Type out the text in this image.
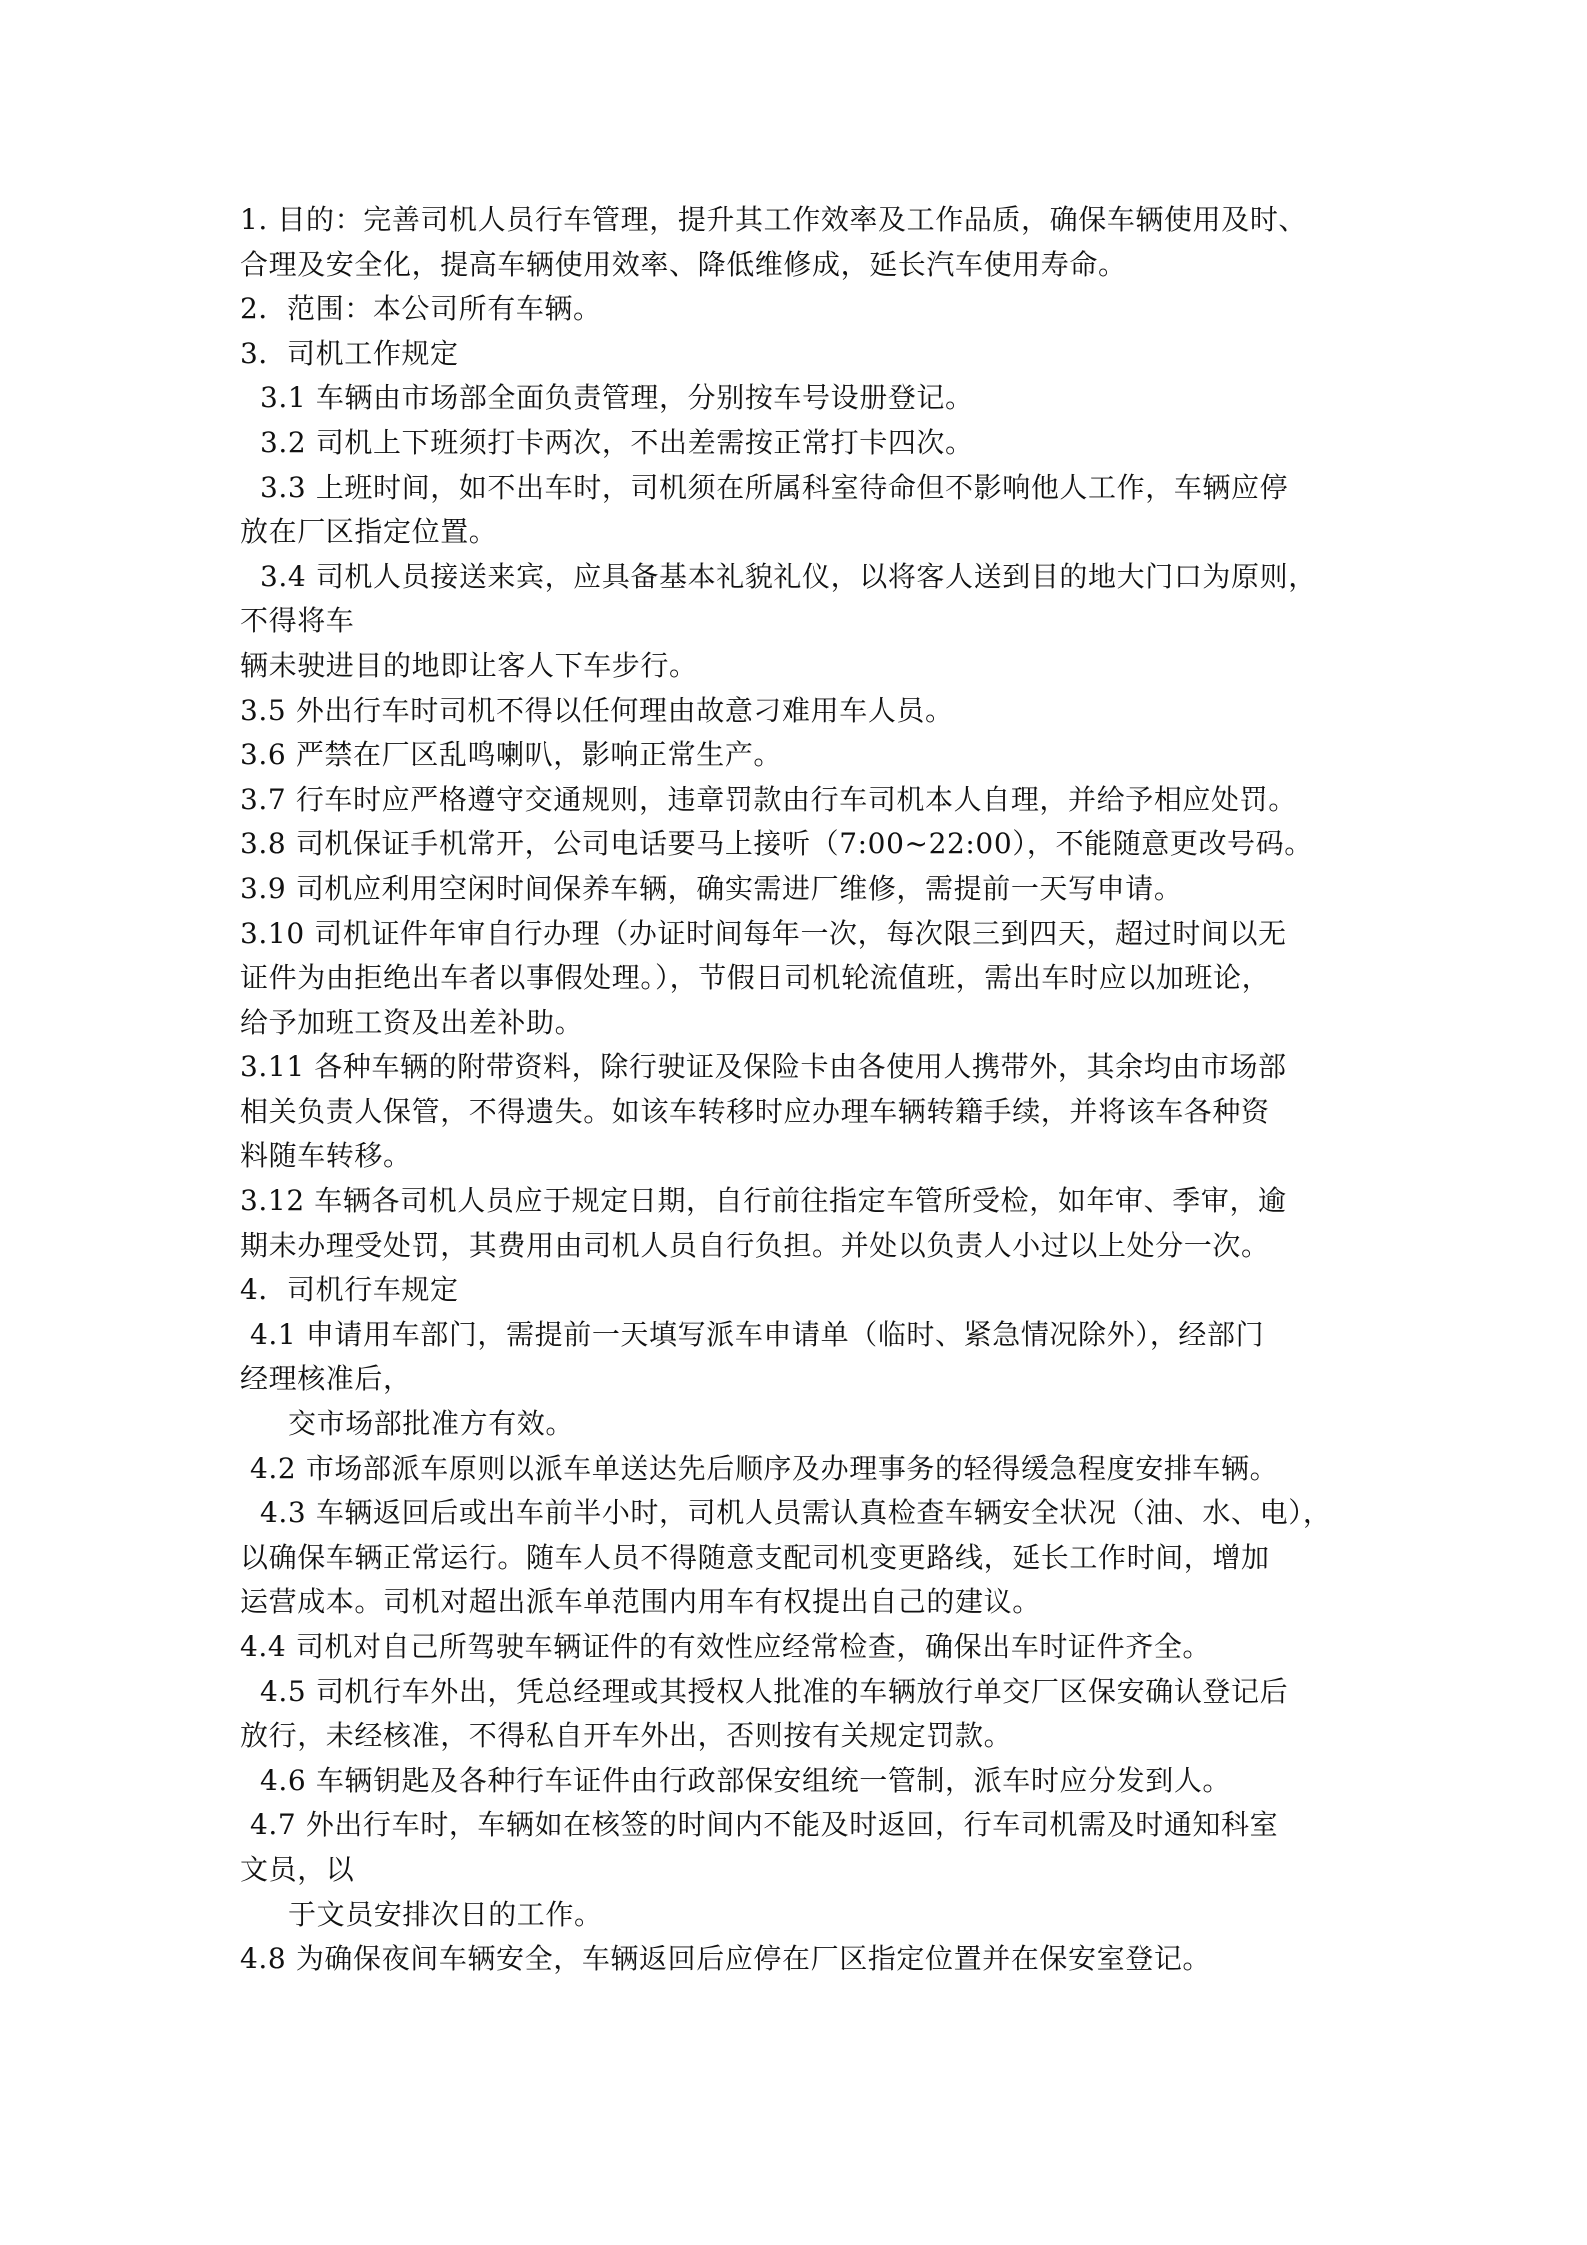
1. 目的：完善司机人员行车管理，提升其工作效率及工作品质，确保车辆使用及时、
合理及安全化，提高车辆使用效率、降低维修成，延长汽车使用寿命。
2．范围：本公司所有车辆。
3．司机工作规定
3.1 车辆由市场部全面负责管理，分别按车号设册登记。
3.2 司机上下班须打卡两次，不出差需按正常打卡四次。
3.3 上班时间，如不出车时，司机须在所属科室待命但不影响他人工作，车辆应停
放在厂区指定位置。
3.4 司机人员接送来宾，应具备基本礼貌礼仪，以将客人送到目的地大门口为原则，
不得将车
辆未驶进目的地即让客人下车步行。
3.5 外出行车时司机不得以任何理由故意刁难用车人员。
3.6 严禁在厂区乱鸣喇叭，影响正常生产。
3.7 行车时应严格遵守交通规则，违章罚款由行车司机本人自理，并给予相应处罚。
3.8 司机保证手机常开，公司电话要马上接听（7:00~22:00），不能随意更改号码。
3.9 司机应利用空闲时间保养车辆，确实需进厂维修，需提前一天写申请。
3.10 司机证件年审自行办理（办证时间每年一次，每次限三到四天，超过时间以无
证件为由拒绝出车者以事假处理。），节假日司机轮流值班，需出车时应以加班论，
给予加班工资及出差补助。
3.11 各种车辆的附带资料，除行驶证及保险卡由各使用人携带外，其余均由市场部
相关负责人保管，不得遗失。如该车转移时应办理车辆转籍手续，并将该车各种资
料随车转移。
3.12 车辆各司机人员应于规定日期，自行前往指定车管所受检，如年审、季审，逾
期未办理受处罚，其费用由司机人员自行负担。并处以负责人小过以上处分一次。
4．司机行车规定
4.1 申请用车部门，需提前一天填写派车申请单（临时、紧急情况除外），经部门
经理核准后，
交市场部批准方有效。
4.2 市场部派车原则以派车单送达先后顺序及办理事务的轻得缓急程度安排车辆。
4.3 车辆返回后或出车前半小时，司机人员需认真检查车辆安全状况（油、水、电），
以确保车辆正常运行。随车人员不得随意支配司机变更路线，延长工作时间，增加
运营成本。司机对超出派车单范围内用车有权提出自己的建议。
4.4 司机对自己所驾驶车辆证件的有效性应经常检查，确保出车时证件齐全。
4.5 司机行车外出，凭总经理或其授权人批准的车辆放行单交厂区保安确认登记后
放行，未经核准，不得私自开车外出，否则按有关规定罚款。
4.6 车辆钥匙及各种行车证件由行政部保安组统一管制，派车时应分发到人。
4.7 外出行车时，车辆如在核签的时间内不能及时返回，行车司机需及时通知科室
文员，以
于文员安排次日的工作。
4.8 为确保夜间车辆安全，车辆返回后应停在厂区指定位置并在保安室登记。
